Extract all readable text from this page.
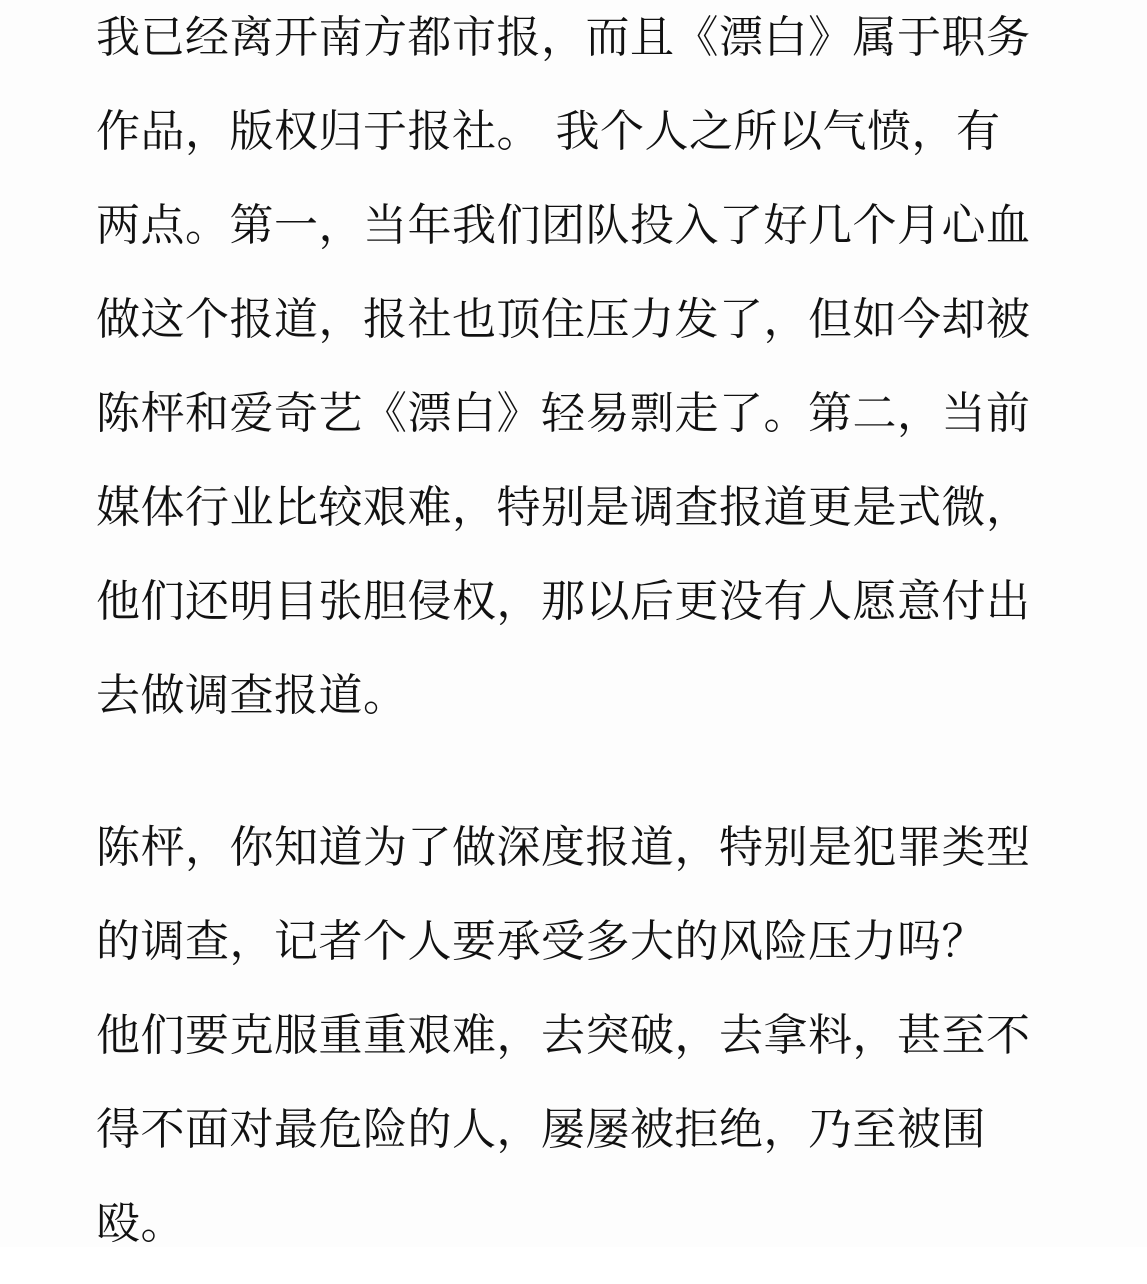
我已经离开南方都市报，而且《漂白》属于职务
作品，版权归于报社。 我个人之所以气愤，有
两点。第一，当年我们团队投入了好几个月心血
做这个报道，报社也顶住压力发了，但如今却被
陈枰和爱奇艺《漂白》轻易剽走了。第二，当前
媒体行业比较艰难，特别是调查报道更是式微，
他们还明目张胆侵权，那以后更没有人愿意付出
去做调查报道。
陈枰，你知道为了做深度报道，特别是犯罪类型
的调查，记者个人要承受多大的风险压力吗？
他们要克服重重艰难，去突破，去拿料，甚至不
得不面对最危险的人，屡屡被拒绝，乃至被围
殴。
